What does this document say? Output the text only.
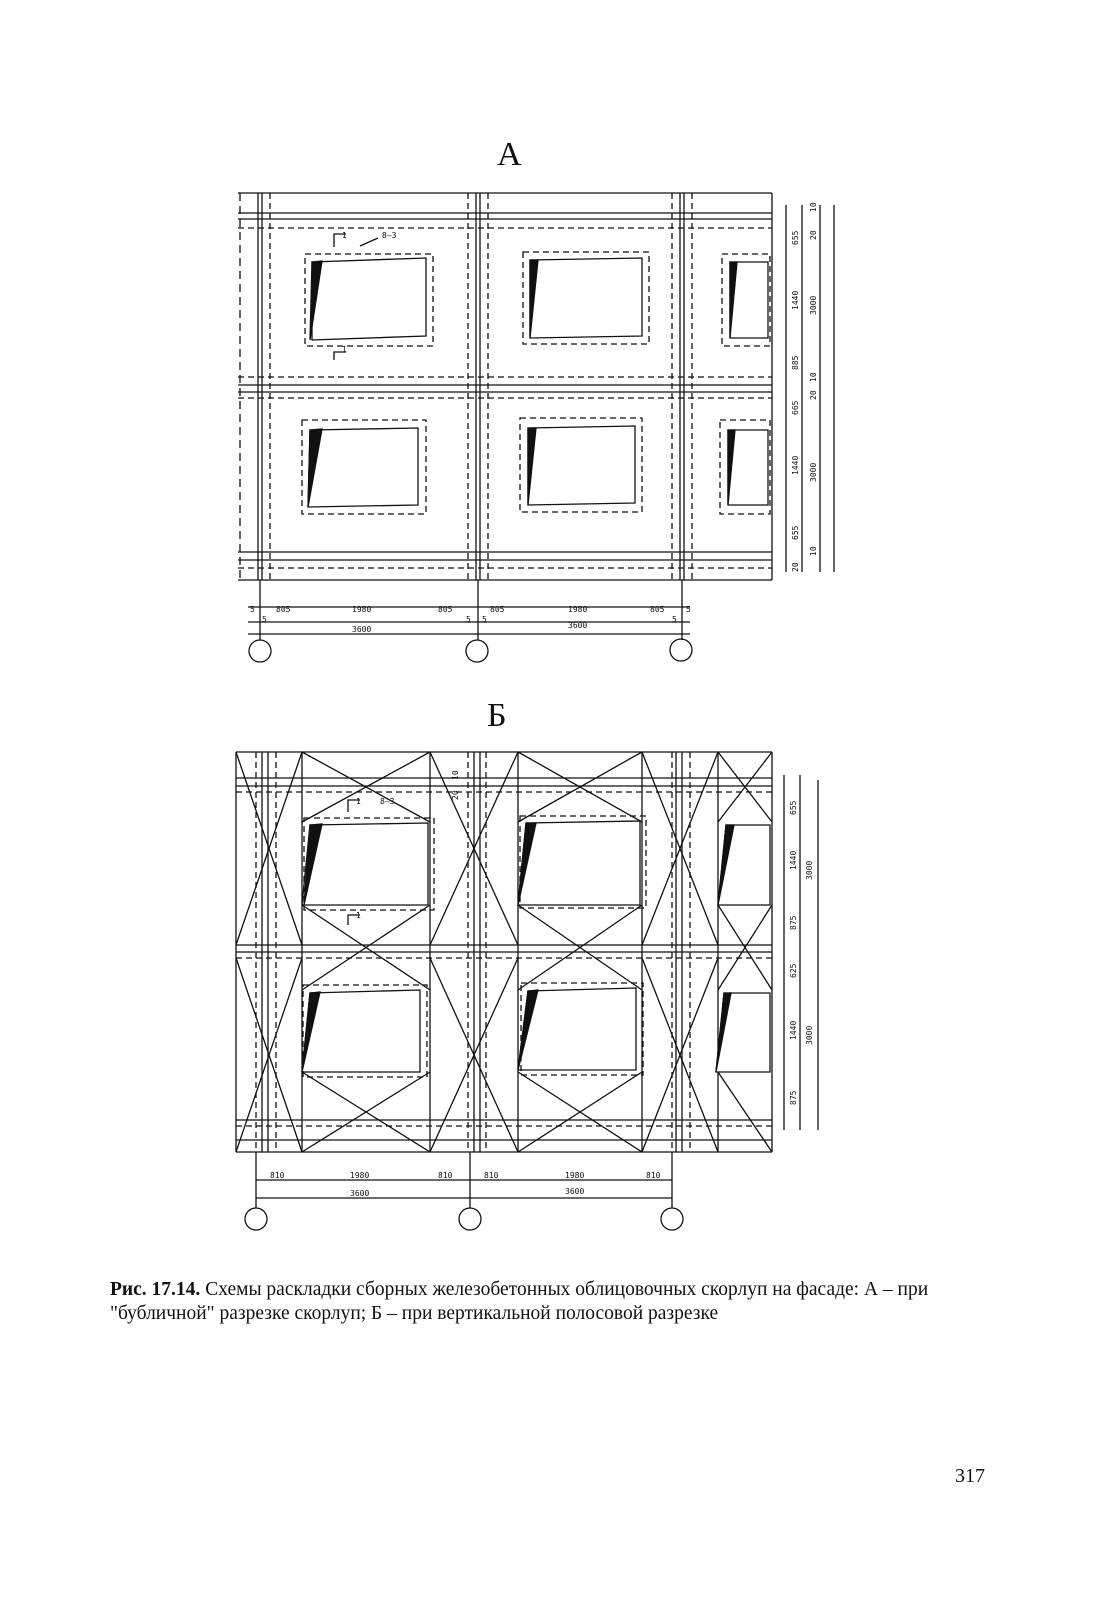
А
Б
5	805	1980	805	805	1980	805	5
5	5 5	5
3600	3600
1
1
8–3	655
1440
885
665
1440
655
3000
3000
20
10
20
10
20
10
810	1980	810	810	1980	810
3600	3600
1
1
8–3	655
1440
875
625
1440
875
3000
3000
20
10
Рис. 17.14. Схемы раскладки сборных железобетонных облицовочных скорлуп на фасаде: А – при "бубличной" разрезке скорлуп; Б – при вертикальной полосовой разрезке
317
